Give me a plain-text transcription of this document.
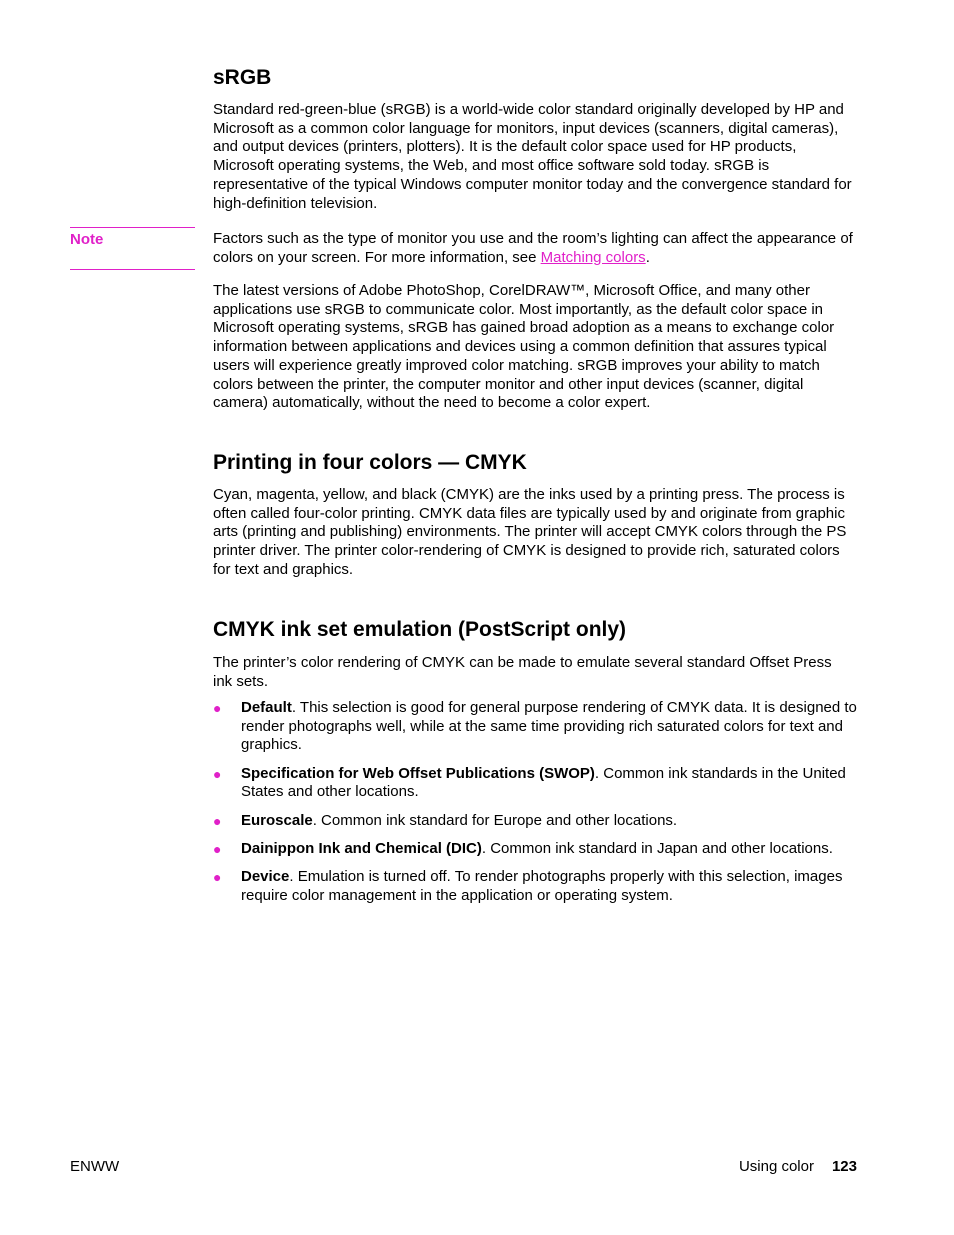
Note
sRGB

Standard red-green-blue (sRGB) is a world-wide color standard originally developed by HP and Microsoft as a common color language for monitors, input devices (scanners, digital cameras), and output devices (printers, plotters). It is the default color space used for HP products, Microsoft operating systems, the Web, and most office software sold today. sRGB is representative of the typical Windows computer monitor today and the convergence standard for high-definition television.

Factors such as the type of monitor you use and the room’s lighting can affect the appearance of colors on your screen. For more information, see Matching colors.

The latest versions of Adobe PhotoShop, CorelDRAW™, Microsoft Office, and many other applications use sRGB to communicate color. Most importantly, as the default color space in Microsoft operating systems, sRGB has gained broad adoption as a means to exchange color information between applications and devices using a common definition that assures typical users will experience greatly improved color matching. sRGB improves your ability to match colors between the printer, the computer monitor and other input devices (scanner, digital camera) automatically, without the need to become a color expert.

Printing in four colors — CMYK

Cyan, magenta, yellow, and black (CMYK) are the inks used by a printing press. The process is often called four-color printing. CMYK data files are typically used by and originate from graphic arts (printing and publishing) environments. The printer will accept CMYK colors through the PS printer driver. The printer color-rendering of CMYK is designed to provide rich, saturated colors for text and graphics.

CMYK ink set emulation (PostScript only)

The printer’s color rendering of CMYK can be made to emulate several standard Offset Press ink sets.

● Default. This selection is good for general purpose rendering of CMYK data. It is designed to render photographs well, while at the same time providing rich saturated colors for text and graphics.
● Specification for Web Offset Publications (SWOP). Common ink standards in the United States and other locations.
● Euroscale. Common ink standard for Europe and other locations.
● Dainippon Ink and Chemical (DIC). Common ink standard in Japan and other locations.
● Device. Emulation is turned off. To render photographs properly with this selection, images require color management in the application or operating system.
ENWW	Using color 123
